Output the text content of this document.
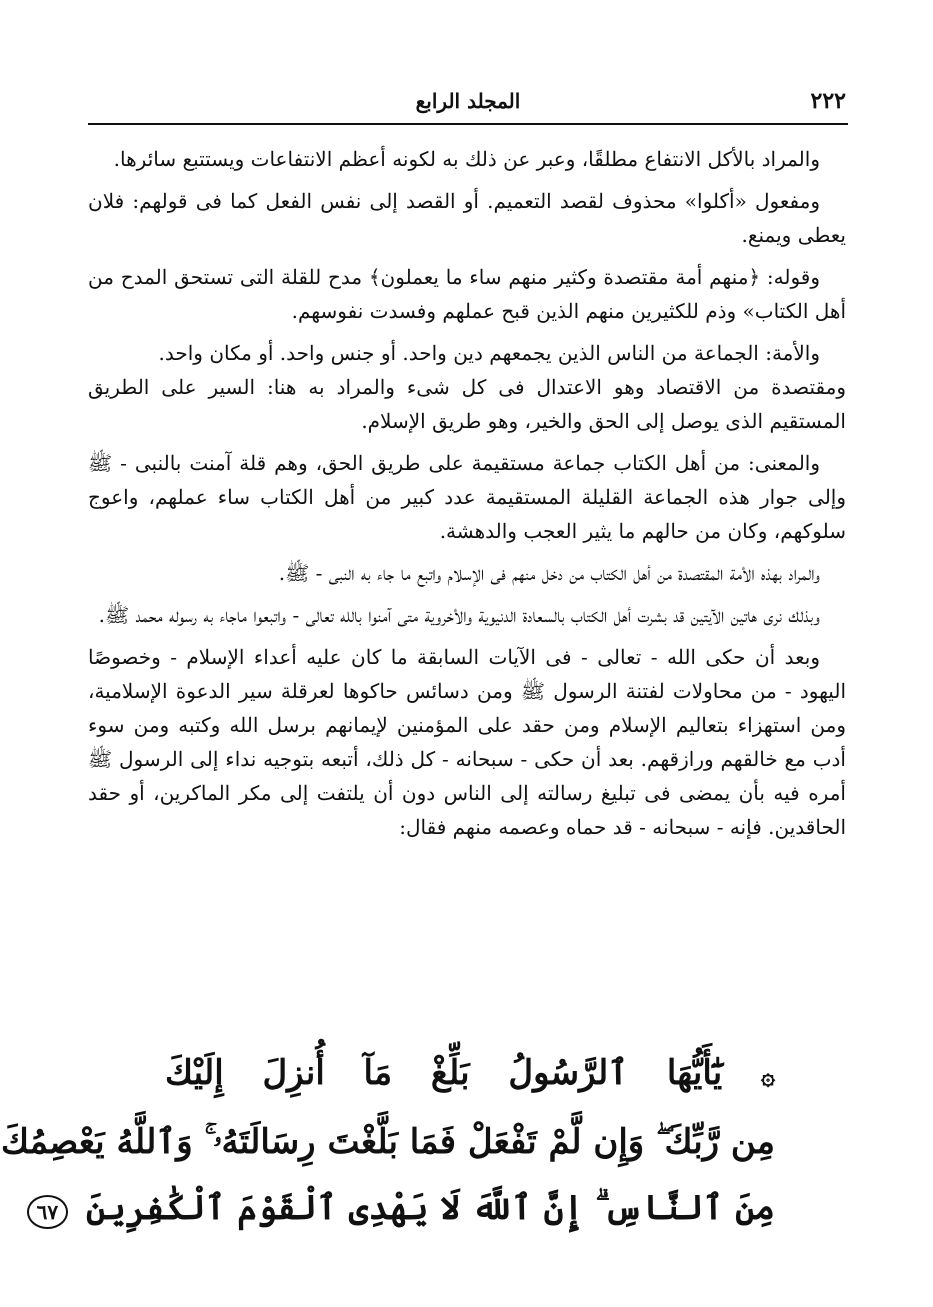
٢٢٢
المجلد الرابع

والمراد بالأكل الانتفاع مطلقًا، وعبر عن ذلك به لكونه أعظم الانتفاعات ويستتبع سائرها.

ومفعول «أكلوا» محذوف لقصد التعميم. أو القصد إلى نفس الفعل كما فى قولهم: فلان يعطى ويمنع.

وقوله: ﴿منهم أمة مقتصدة وكثير منهم ساء ما يعملون﴾ مدح للقلة التى تستحق المدح من أهل الكتاب» وذم للكثيرين منهم الذين قبح عملهم وفسدت نفوسهم.

والأمة: الجماعة من الناس الذين يجمعهم دين واحد. أو جنس واحد. أو مكان واحد.

ومقتصدة من الاقتصاد وهو الاعتدال فى كل شىء والمراد به هنا: السير على الطريق المستقيم الذى يوصل إلى الحق والخير، وهو طريق الإسلام.

والمعنى: من أهل الكتاب جماعة مستقيمة على طريق الحق، وهم قلة آمنت بالنبى - ﷺ وإلى جوار هذه الجماعة القليلة المستقيمة عدد كبير من أهل الكتاب ساء عملهم، واعوج سلوكهم، وكان من حالهم ما يثير العجب والدهشة.

والمراد بهذه الأمة المقتصدة من أهل الكتاب من دخل منهم فى الإسلام واتبع ما جاء به النبى - ﷺ.

وبذلك نرى هاتين الآيتين قد بشرت أهل الكتاب بالسعادة الدنيوية والأخروية متى آمنوا بالله تعالى - واتبعوا ماجاء به رسوله محمد ﷺ.

وبعد أن حكى الله - تعالى - فى الآيات السابقة ما كان عليه أعداء الإسلام - وخصوصًا اليهود - من محاولات لفتنة الرسول ﷺ ومن دسائس حاكوها لعرقلة سير الدعوة الإسلامية، ومن استهزاء بتعاليم الإسلام ومن حقد على المؤمنين لإيمانهم برسل الله وكتبه ومن سوء أدب مع خالقهم ورازقهم. بعد أن حكى - سبحانه - كل ذلك، أتبعه بتوجيه نداء إلى الرسول ﷺ أمره فيه بأن يمضى فى تبليغ رسالته إلى الناس دون أن يلتفت إلى مكر الماكرين، أو حقد الحاقدين. فإنه - سبحانه - قد حماه وعصمه منهم فقال:

۞ يَٰٓأَيُّهَا ٱلرَّسُولُ بَلِّغْ مَآ أُنزِلَ إِلَيْكَ
مِن رَّبِّكَ ۖ وَإِن لَّمْ تَفْعَلْ فَمَا بَلَّغْتَ رِسَالَتَهُۥ ۚ وَٱللَّهُ يَعْصِمُكَ
مِنَ ٱلنَّاسِ ۗ إِنَّ ٱللَّهَ لَا يَهْدِى ٱلْقَوْمَ ٱلْكَٰفِرِينَ ٦٧
